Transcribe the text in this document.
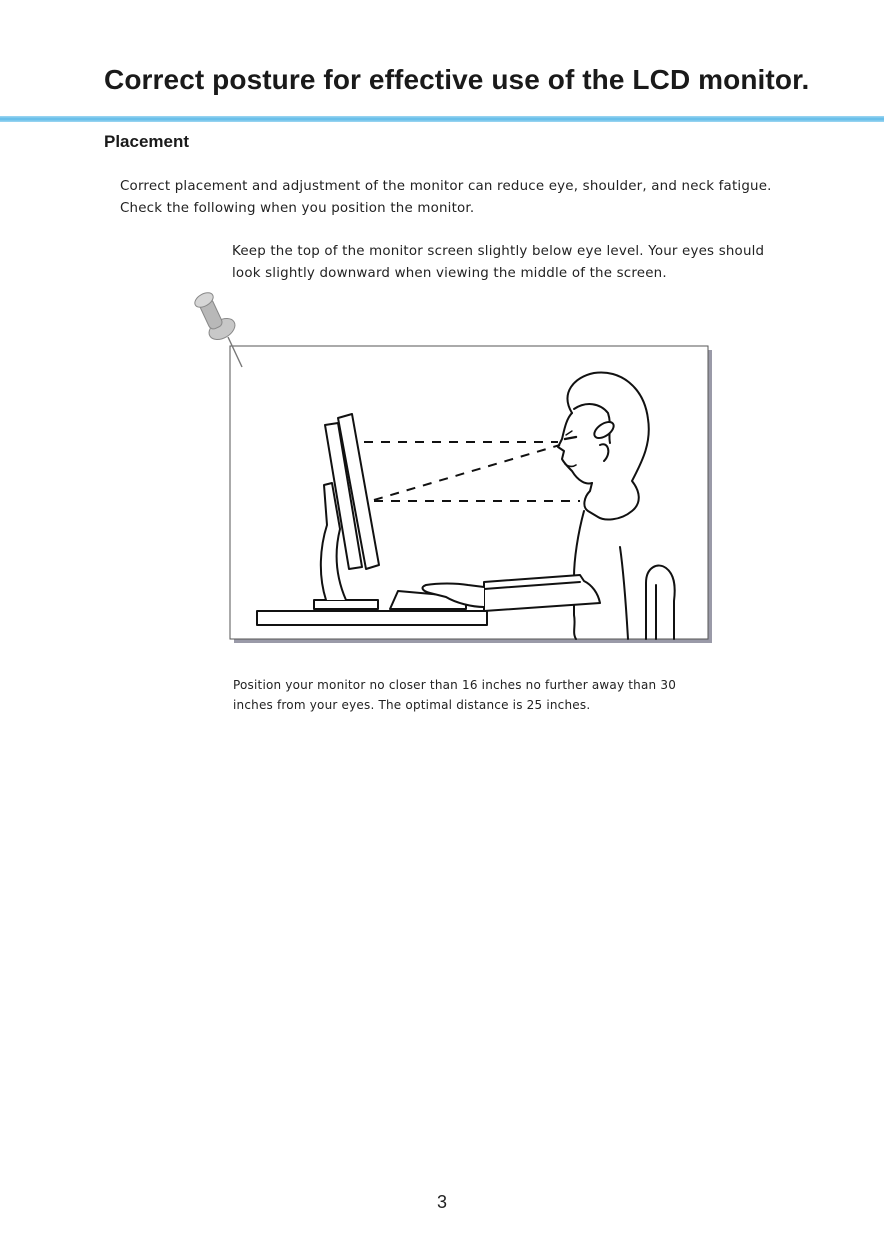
Correct posture for effective use of the LCD monitor.
Placement

Correct placement and adjustment of the monitor can reduce eye, shoulder, and neck fatigue.

Check the following when you position the monitor.

Keep the top of the monitor screen slightly below eye level. Your eyes should

look slightly downward when viewing the middle of the screen.

Position your monitor no closer than 16 inches no further away than 30

inches from your eyes. The optimal distance is 25 inches.

3
